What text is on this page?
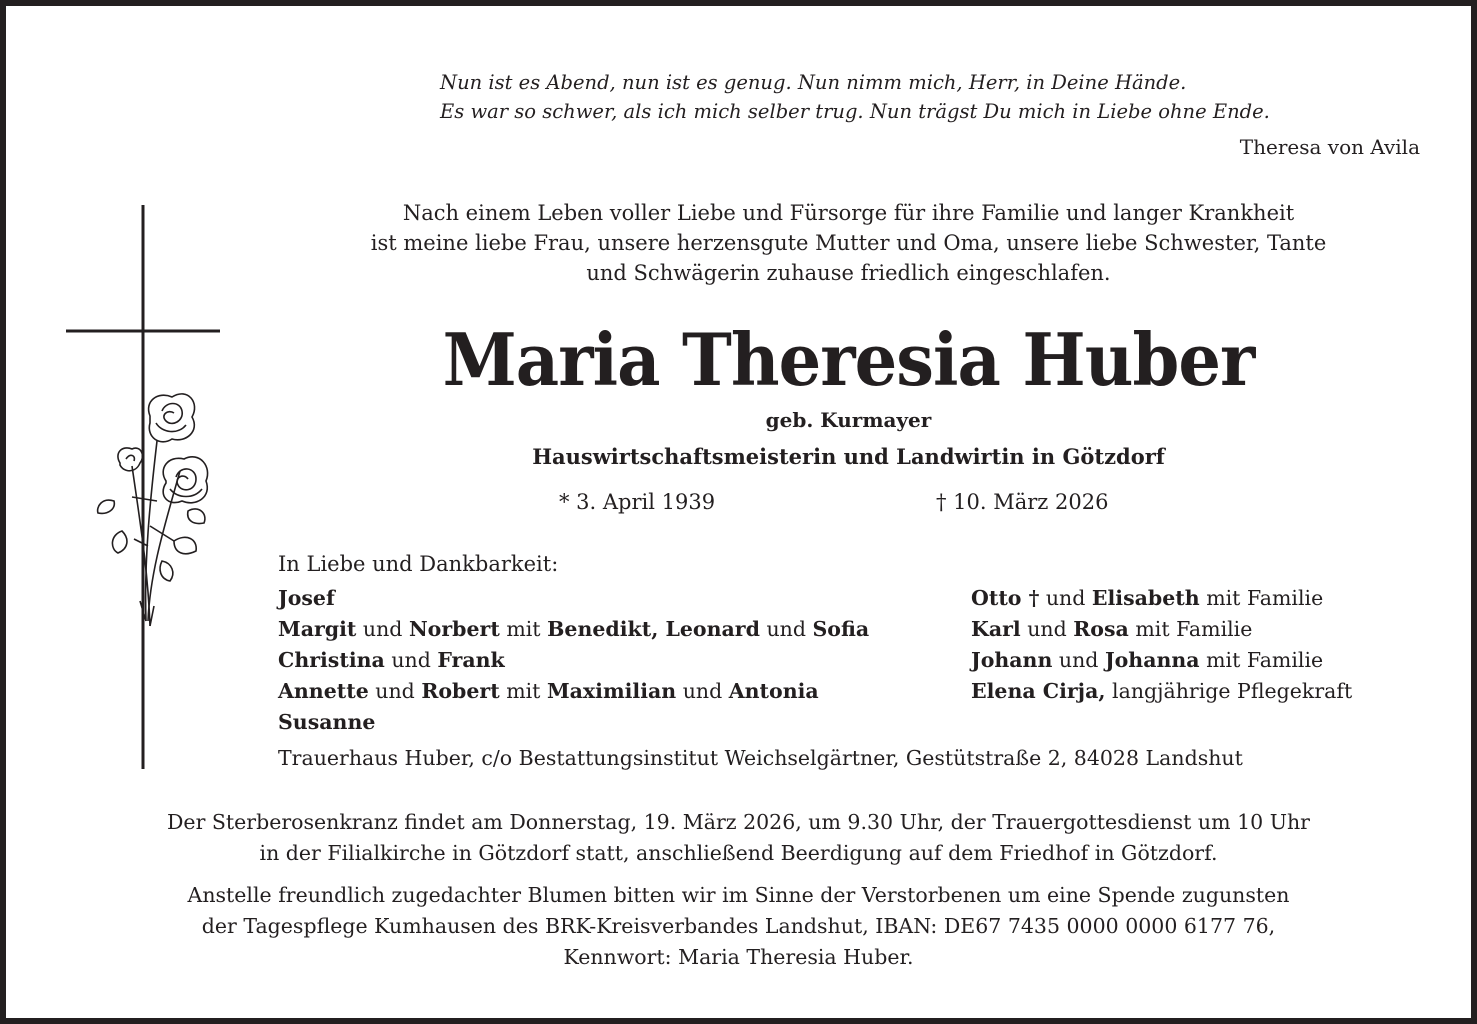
Nun ist es Abend, nun ist es genug. Nun nimm mich, Herr, in Deine Hände.
Es war so schwer, als ich mich selber trug. Nun trägst Du mich in Liebe ohne Ende.
Theresa von Avila
Nach einem Leben voller Liebe und Fürsorge für ihre Familie und langer Krankheit
ist meine liebe Frau, unsere herzensgute Mutter und Oma, unsere liebe Schwester, Tante
und Schwägerin zuhause friedlich eingeschlafen.
Maria Theresia Huber
geb. Kurmayer
Hauswirtschaftsmeisterin und Landwirtin in Götzdorf
* 3. April 1939	† 10. März 2026
In Liebe und Dankbarkeit:
Josef
Margit und Norbert mit Benedikt, Leonard und Sofia
Christina und Frank
Annette und Robert mit Maximilian und Antonia
Susanne
Otto † und Elisabeth mit Familie
Karl und Rosa mit Familie
Johann und Johanna mit Familie
Elena Cirja, langjährige Pflegekraft
Trauerhaus Huber, c/o Bestattungsinstitut Weichselgärtner, Gestütstraße 2, 84028 Landshut
Der Sterberosenkranz findet am Donnerstag, 19. März 2026, um 9.30 Uhr, der Trauergottesdienst um 10 Uhr
in der Filialkirche in Götzdorf statt, anschließend Beerdigung auf dem Friedhof in Götzdorf.
Anstelle freundlich zugedachter Blumen bitten wir im Sinne der Verstorbenen um eine Spende zugunsten
der Tagespflege Kumhausen des BRK-Kreisverbandes Landshut, IBAN: DE67 7435 0000 0000 6177 76,
Kennwort: Maria Theresia Huber.
